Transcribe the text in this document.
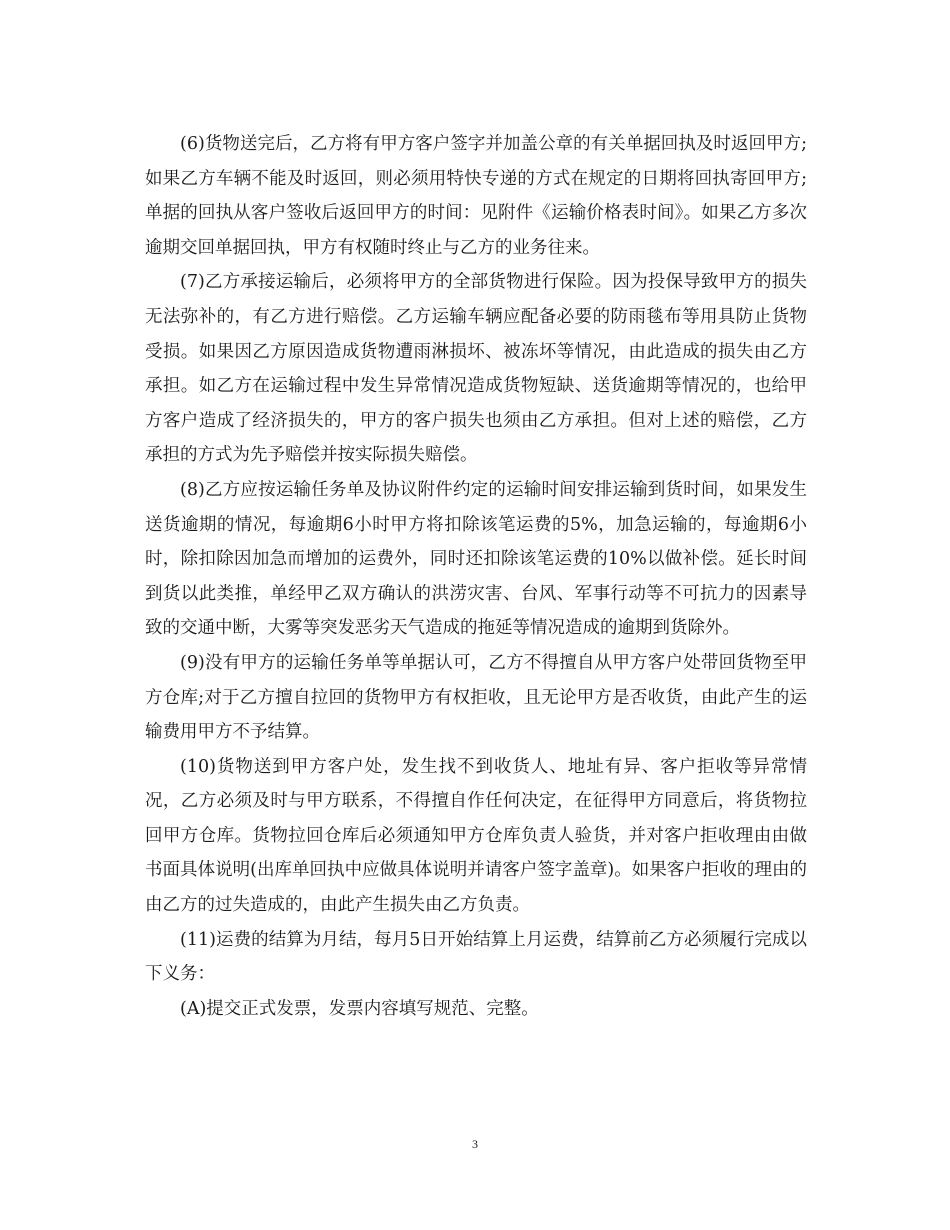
(6)货物送完后，乙方将有甲方客户签字并加盖公章的有关单据回执及时返回甲方;如果乙方车辆不能及时返回，则必须用特快专递的方式在规定的日期将回执寄回甲方;单据的回执从客户签收后返回甲方的时间：见附件《运输价格表时间》。如果乙方多次逾期交回单据回执，甲方有权随时终止与乙方的业务往来。

(7)乙方承接运输后，必须将甲方的全部货物进行保险。因为投保导致甲方的损失无法弥补的，有乙方进行赔偿。乙方运输车辆应配备必要的防雨毯布等用具防止货物受损。如果因乙方原因造成货物遭雨淋损坏、被冻坏等情况，由此造成的损失由乙方承担。如乙方在运输过程中发生异常情况造成货物短缺、送货逾期等情况的，也给甲方客户造成了经济损失的，甲方的客户损失也须由乙方承担。但对上述的赔偿，乙方承担的方式为先予赔偿并按实际损失赔偿。

(8)乙方应按运输任务单及协议附件约定的运输时间安排运输到货时间，如果发生送货逾期的情况，每逾期6小时甲方将扣除该笔运费的5%，加急运输的，每逾期6小时，除扣除因加急而增加的运费外，同时还扣除该笔运费的10%以做补偿。延长时间到货以此类推，单经甲乙双方确认的洪涝灾害、台风、军事行动等不可抗力的因素导致的交通中断，大雾等突发恶劣天气造成的拖延等情况造成的逾期到货除外。

(9)没有甲方的运输任务单等单据认可，乙方不得擅自从甲方客户处带回货物至甲方仓库;对于乙方擅自拉回的货物甲方有权拒收，且无论甲方是否收货，由此产生的运输费用甲方不予结算。

(10)货物送到甲方客户处，发生找不到收货人、地址有异、客户拒收等异常情况，乙方必须及时与甲方联系，不得擅自作任何决定，在征得甲方同意后，将货物拉回甲方仓库。货物拉回仓库后必须通知甲方仓库负责人验货，并对客户拒收理由由做书面具体说明(出库单回执中应做具体说明并请客户签字盖章)。如果客户拒收的理由的由乙方的过失造成的，由此产生损失由乙方负责。

(11)运费的结算为月结，每月5日开始结算上月运费，结算前乙方必须履行完成以下义务：

(A)提交正式发票，发票内容填写规范、完整。

3
